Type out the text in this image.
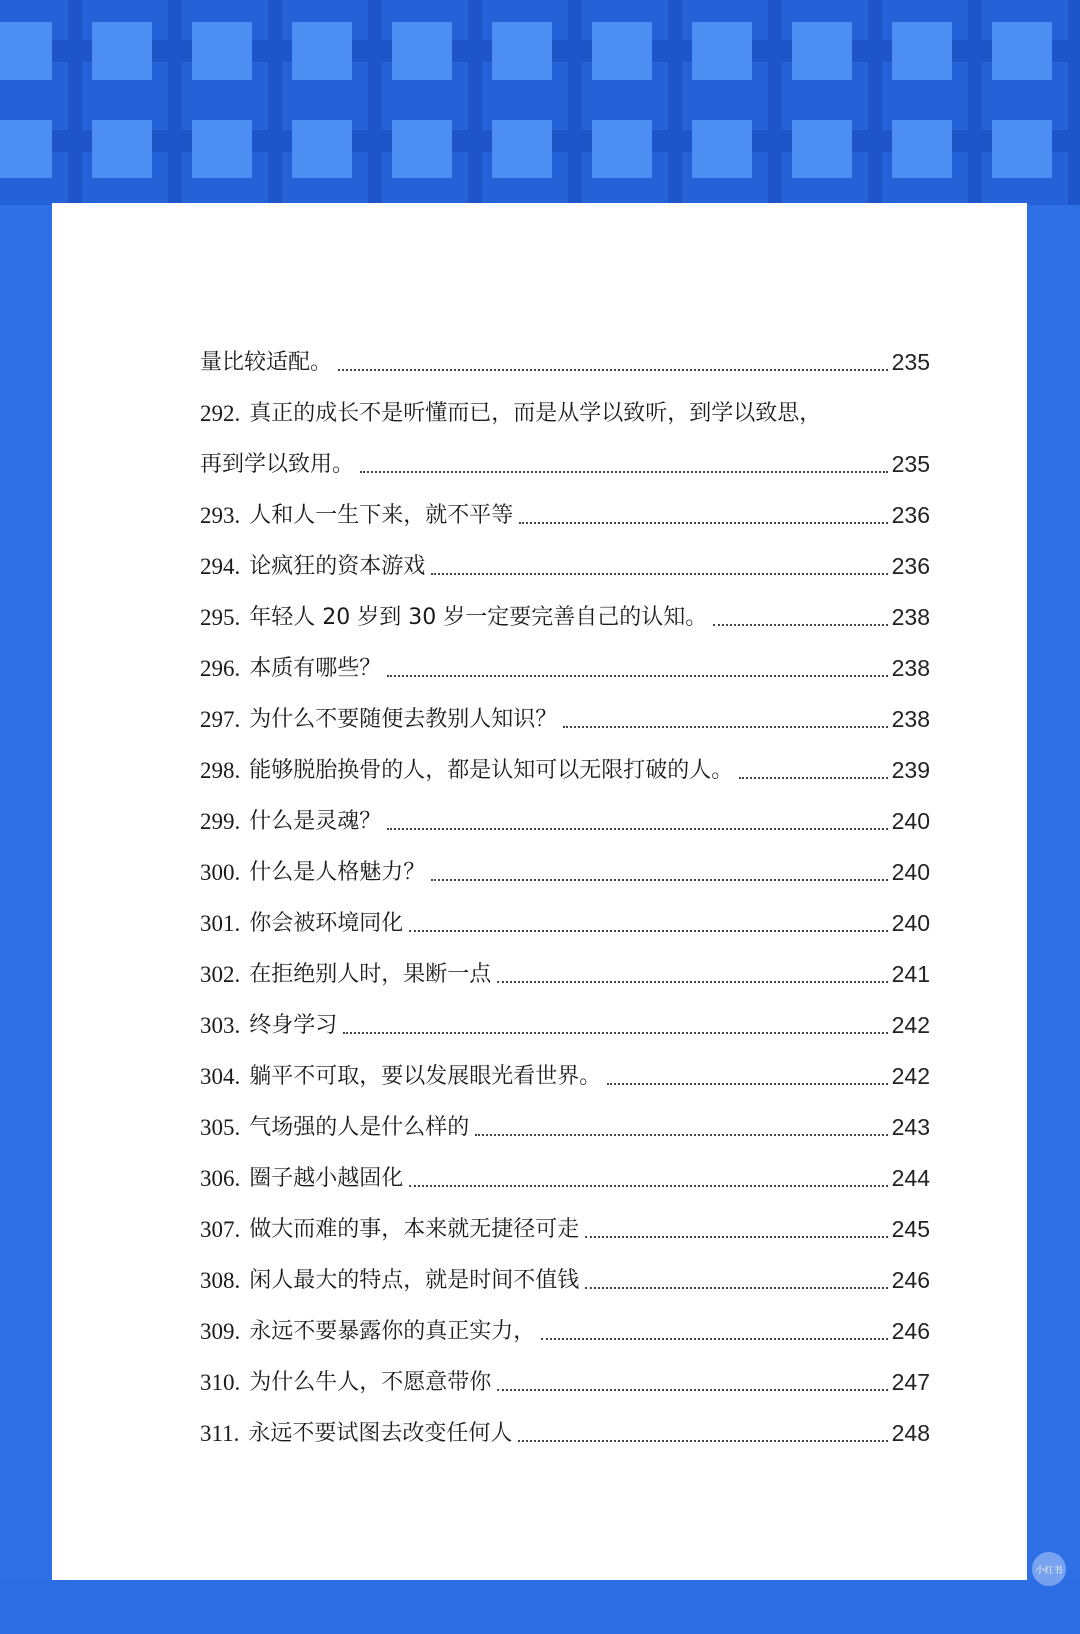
量比较适配。	235
292. 真正的成长不是听懂而已，而是从学以致听，到学以致思，
再到学以致用。	235
293. 人和人一生下来，就不平等	236
294. 论疯狂的资本游戏	236
295. 年轻人 20 岁到 30 岁一定要完善自己的认知。	238
296. 本质有哪些？	238
297. 为什么不要随便去教别人知识？	238
298. 能够脱胎换骨的人，都是认知可以无限打破的人。	239
299. 什么是灵魂？	240
300. 什么是人格魅力？	240
301. 你会被环境同化	240
302. 在拒绝别人时，果断一点	241
303. 终身学习	242
304. 躺平不可取，要以发展眼光看世界。	242
305. 气场强的人是什么样的	243
306. 圈子越小越固化	244
307. 做大而难的事，本来就无捷径可走	245
308. 闲人最大的特点，就是时间不值钱	246
309. 永远不要暴露你的真正实力，	246
310. 为什么牛人，不愿意带你	247
311. 永远不要试图去改变任何人	248
小红书
